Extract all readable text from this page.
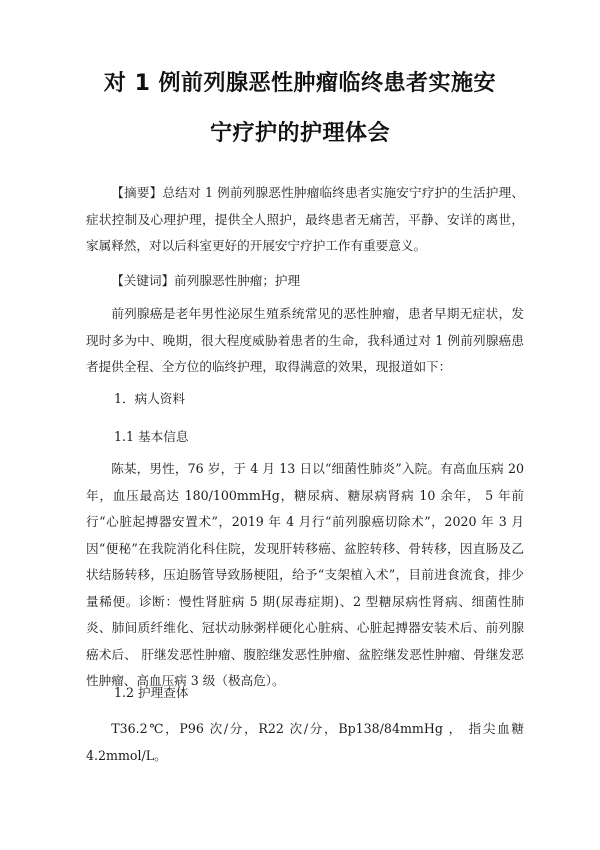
对 1 例前列腺恶性肿瘤临终患者实施安
宁疗护的护理体会

【摘要】总结对 1 例前列腺恶性肿瘤临终患者实施安宁疗护的生活护理、症状控制及心理护理，提供全人照护，最终患者无痛苦，平静、安详的离世，家属释然，对以后科室更好的开展安宁疗护工作有重要意义。

【关键词】前列腺恶性肿瘤；护理

前列腺癌是老年男性泌尿生殖系统常见的恶性肿瘤，患者早期无症状，发现时多为中、晚期，很大程度威胁着患者的生命，我科通过对 1 例前列腺癌患者提供全程、全方位的临终护理，取得满意的效果，现报道如下：

1．病人资料
1.1 基本信息

陈某，男性，76 岁，于 4 月 13 日以“细菌性肺炎”入院。有高血压病 20 年，血压最高达 180/100mmHg，糖尿病、糖尿病肾病 10 余年， 5 年前行“心脏起搏器安置术”，2019 年 4 月行“前列腺癌切除术”，2020 年 3 月因“便秘”在我院消化科住院，发现肝转移癌、盆腔转移、骨转移，因直肠及乙状结肠转移，压迫肠管导致肠梗阻，给予“支架植入术”，目前进食流食，排少量稀便。诊断：慢性肾脏病 5 期(尿毒症期)、2 型糖尿病性肾病、细菌性肺炎、肺间质纤维化、冠状动脉粥样硬化心脏病、心脏起搏器安装术后、前列腺癌术后、 肝继发恶性肿瘤、腹腔继发恶性肿瘤、盆腔继发恶性肿瘤、骨继发恶性肿瘤、高血压病 3 级（极高危）。

1.2 护理查体

T36.2℃，P96 次/分，R22 次/分，Bp138/84mmHg ， 指尖血糖 4.2mmol/L。
